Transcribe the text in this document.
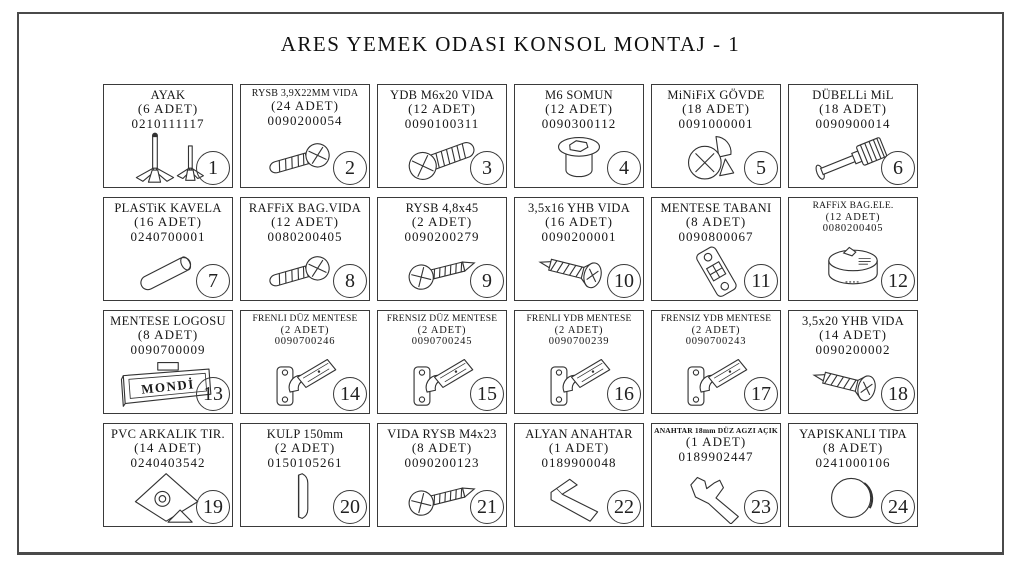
ARES YEMEK ODASI KONSOL MONTAJ - 1
AYAK
(6 ADET)
0210111117
1
RYSB 3,9X22MM VIDA
(24 ADET)
0090200054
2
YDB M6x20 VIDA
(12 ADET)
0090100311
3
M6 SOMUN
(12 ADET)
0090300112
4
MiNiFiX GÖVDE
(18 ADET)
0091000001
5
DÜBELLi MiL
(18 ADET)
0090900014
6
PLASTiK KAVELA
(16 ADET)
0240700001
7
RAFFiX BAG.VIDA
(12 ADET)
0080200405
8
RYSB 4,8x45
(2 ADET)
0090200279
9
3,5x16 YHB VIDA
(16 ADET)
0090200001
10
MENTESE TABANI
(8 ADET)
0090800067
11
RAFFiX BAG.ELE.
(12 ADET)
0080200405
12
MENTESE LOGOSU
(8 ADET)
0090700009
MONDİ 13
FRENLI DÜZ MENTESE
(2 ADET)
0090700246
14
FRENSIZ DÜZ MENTESE
(2 ADET)
0090700245
15
FRENLI YDB MENTESE
(2 ADET)
0090700239
16
FRENSIZ YDB MENTESE
(2 ADET)
0090700243
17
3,5x20 YHB VIDA
(14 ADET)
0090200002
18
PVC ARKALIK TIR.
(14 ADET)
0240403542
19
KULP 150mm
(2 ADET)
0150105261
20
VIDA RYSB M4x23
(8 ADET)
0090200123
21
ALYAN ANAHTAR
(1 ADET)
0189900048
22
ANAHTAR 18mm DÜZ AGZI AÇIK
(1 ADET)
0189902447
23
YAPISKANLI TIPA
(8 ADET)
0241000106
24
